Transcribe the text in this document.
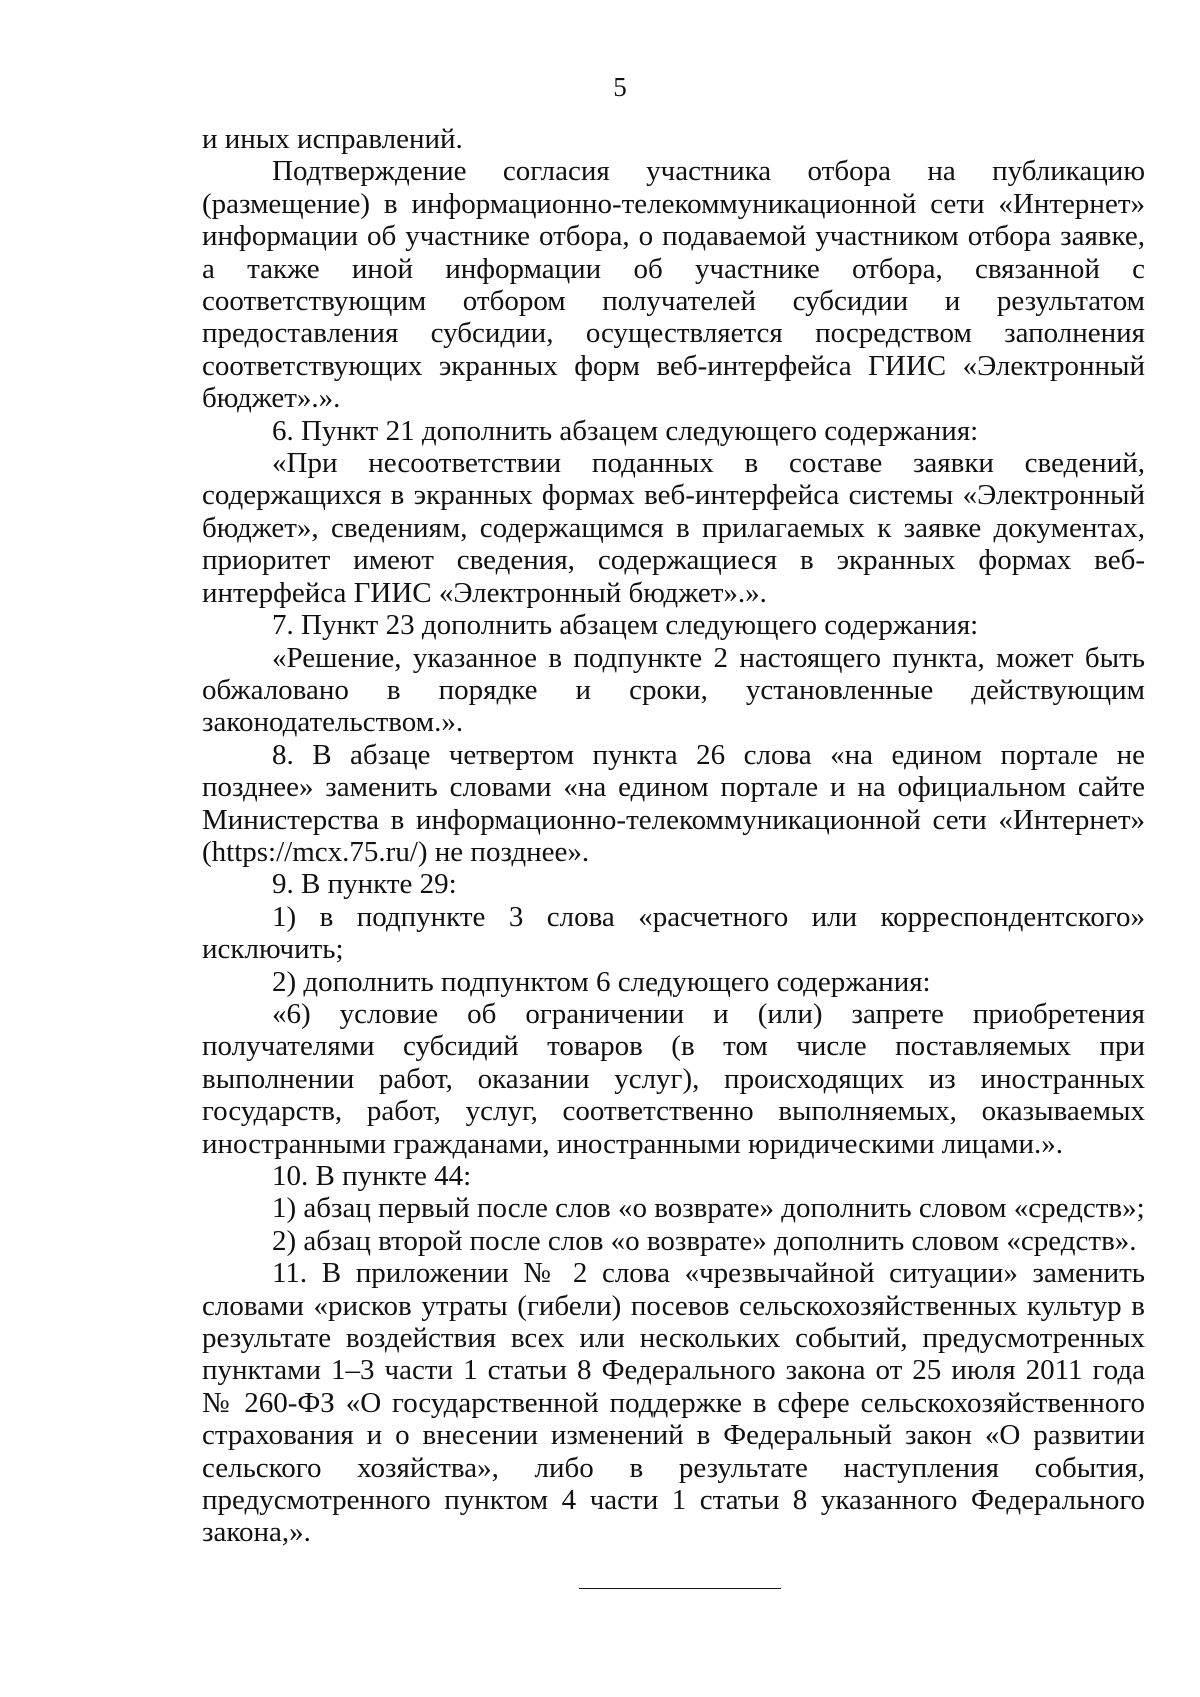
5

и иных исправлений.

Подтверждение согласия участника отбора на публикацию (размещение) в информационно-телекоммуникационной сети «Интернет» информации об участнике отбора, о подаваемой участником отбора заявке, а также иной информации об участнике отбора, связанной с соответствующим отбором получателей субсидии и результатом предоставления субсидии, осуществляется посредством заполнения соответствующих экранных форм веб-интерфейса ГИИС «Электронный бюджет».».

6. Пункт 21 дополнить абзацем следующего содержания:

«При несоответствии поданных в составе заявки сведений, содержащихся в экранных формах веб-интерфейса системы «Электронный бюджет», сведениям, содержащимся в прилагаемых к заявке документах, приоритет имеют сведения, содержащиеся в экранных формах веб-интерфейса ГИИС «Электронный бюджет».».

7. Пункт 23 дополнить абзацем следующего содержания:

«Решение, указанное в подпункте 2 настоящего пункта, может быть обжаловано в порядке и сроки, установленные действующим законодательством.».

8. В абзаце четвертом пункта 26 слова «на едином портале не позднее» заменить словами «на едином портале и на официальном сайте Министерства в информационно-телекоммуникационной сети «Интернет» (https://mcx.75.ru/) не позднее».

9. В пункте 29:

1) в подпункте 3 слова «расчетного или корреспондентского» исключить;

2) дополнить подпунктом 6 следующего содержания:

«6) условие об ограничении и (или) запрете приобретения получателями субсидий товаров (в том числе поставляемых при выполнении работ, оказании услуг), происходящих из иностранных государств, работ, услуг, соответственно выполняемых, оказываемых иностранными гражданами, иностранными юридическими лицами.».

10. В пункте 44:

1) абзац первый после слов «о возврате» дополнить словом «средств»;

2) абзац второй после слов «о возврате» дополнить словом «средств».

11. В приложении № 2 слова «чрезвычайной ситуации» заменить словами «рисков утраты (гибели) посевов сельскохозяйственных культур в результате воздействия всех или нескольких событий, предусмотренных пунктами 1–3 части 1 статьи 8 Федерального закона от 25 июля 2011 года № 260-ФЗ «О государственной поддержке в сфере сельскохозяйственного страхования и о внесении изменений в Федеральный закон «О развитии сельского хозяйства», либо в результате наступления события, предусмотренного пунктом 4 части 1 статьи 8 указанного Федерального закона,».
